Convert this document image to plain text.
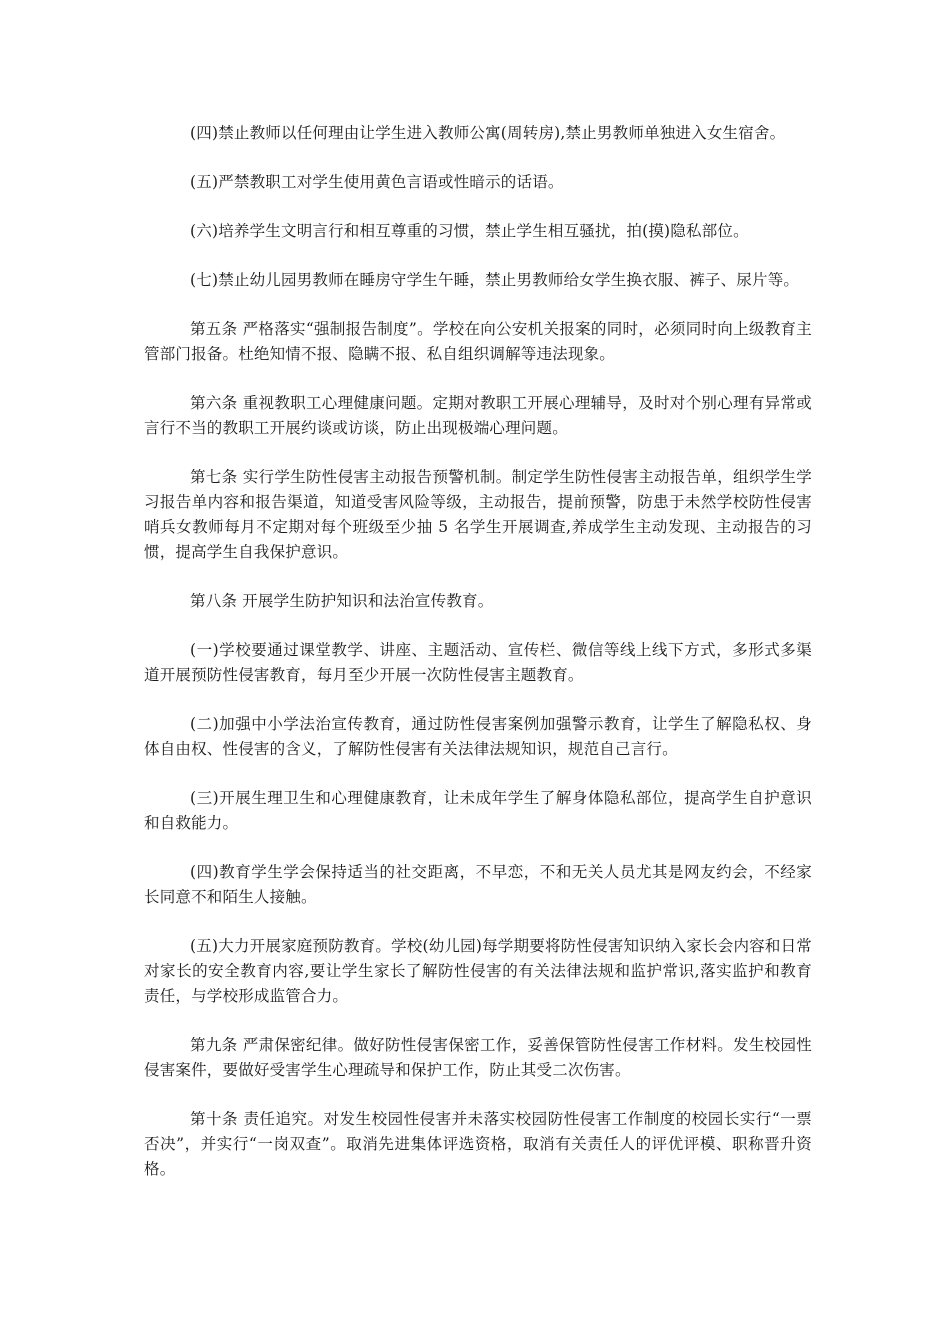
(四)禁止教师以任何理由让学生进入教师公寓(周转房),禁止男教师单独进入女生宿舍。

(五)严禁教职工对学生使用黄色言语或性暗示的话语。

(六)培养学生文明言行和相互尊重的习惯，禁止学生相互骚扰，拍(摸)隐私部位。

(七)禁止幼儿园男教师在睡房守学生午睡，禁止男教师给女学生换衣服、裤子、尿片等。

第五条 严格落实“强制报告制度”。学校在向公安机关报案的同时，必须同时向上级教育主管部门报备。杜绝知情不报、隐瞒不报、私自组织调解等违法现象。

第六条 重视教职工心理健康问题。定期对教职工开展心理辅导，及时对个别心理有异常或言行不当的教职工开展约谈或访谈，防止出现极端心理问题。

第七条 实行学生防性侵害主动报告预警机制。制定学生防性侵害主动报告单，组织学生学习报告单内容和报告渠道，知道受害风险等级，主动报告，提前预警，防患于未然学校防性侵害哨兵女教师每月不定期对每个班级至少抽 5 名学生开展调查,养成学生主动发现、主动报告的习惯，提高学生自我保护意识。

第八条 开展学生防护知识和法治宣传教育。

(一)学校要通过课堂教学、讲座、主题活动、宣传栏、微信等线上线下方式，多形式多渠道开展预防性侵害教育，每月至少开展一次防性侵害主题教育。

(二)加强中小学法治宣传教育，通过防性侵害案例加强警示教育，让学生了解隐私权、身体自由权、性侵害的含义，了解防性侵害有关法律法规知识，规范自己言行。

(三)开展生理卫生和心理健康教育，让未成年学生了解身体隐私部位，提高学生自护意识和自救能力。

(四)教育学生学会保持适当的社交距离，不早恋，不和无关人员尤其是网友约会，不经家长同意不和陌生人接触。

(五)大力开展家庭预防教育。学校(幼儿园)每学期要将防性侵害知识纳入家长会内容和日常对家长的安全教育内容,要让学生家长了解防性侵害的有关法律法规和监护常识,落实监护和教育责任，与学校形成监管合力。

第九条 严肃保密纪律。做好防性侵害保密工作，妥善保管防性侵害工作材料。发生校园性侵害案件，要做好受害学生心理疏导和保护工作，防止其受二次伤害。

第十条 责任追究。对发生校园性侵害并未落实校园防性侵害工作制度的校园长实行“一票否决”，并实行“一岗双查”。取消先进集体评选资格，取消有关责任人的评优评模、职称晋升资格。
